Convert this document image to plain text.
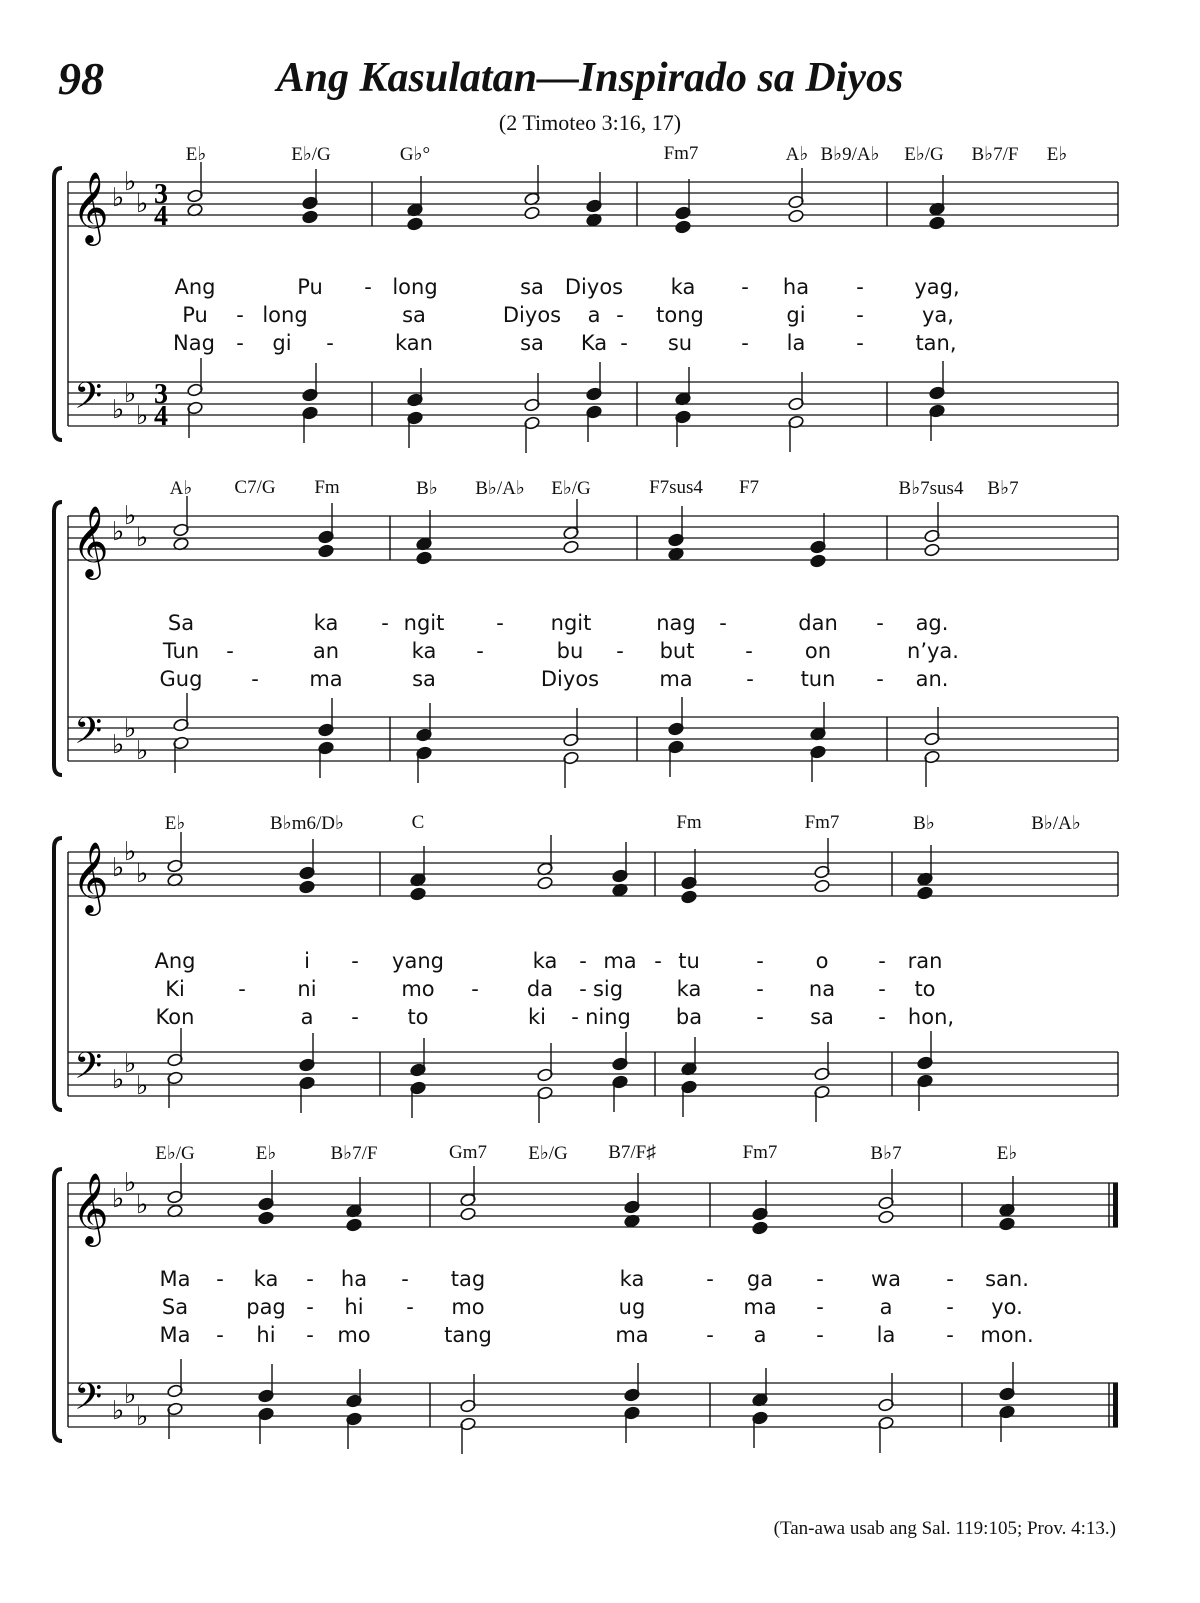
98	Ang Kasulatan—Inspirado sa Diyos
(2 Timoteo 3:16, 17)
𝄞
𝄢
♭
♭
♭
♭
♭
♭
3
4
3
4
𝄞
𝄢
♭
♭
♭
♭
♭
♭
𝄞
𝄢
♭
♭
♭
♭
♭
♭
𝄞
𝄢
♭
♭
♭
♭
♭
♭
E♭	E♭/G	G♭°	Fm7	A♭ B♭9/A♭ E♭/G B♭7/F E♭
Ang	Pu - long	sa Diyos ka - ha - yag,
Pu - long	sa	Diyos a - tong	gi -	ya,
Nag - gi -	kan	sa Ka - su - la - tan,
A♭ C7/G Fm	B♭ B♭/A♭ E♭/G	F7sus4 F7	B♭7sus4 B♭7
Sa	ka - ngit - ngit	nag -	dan - ag.
Tun -	an	ka -	bu - but - on	n’ya.
Gug - ma	sa	Diyos	ma	- tun - an.
E♭	B♭m6/D♭	C	Fm	Fm7	B♭	B♭/A♭
Ang	i - yang	ka - ma - tu	- o - ran
Ki	- ni	mo - da - sig	ka	- na - to
Kon	a - to	ki - ning ba	- sa - hon,
E♭/G	E♭	B♭7/F	Gm7 E♭/G B7/F♯	Fm7	B♭7	E♭
Ma - ka - ha - tag	ka	- ga - wa - san.
Sa	pag - hi - mo	ug	ma -	a	- yo.
Ma - hi - mo	tang	ma	- a -	la - mon.
(Tan-awa usab ang Sal. 119:105; Prov. 4:13.)
